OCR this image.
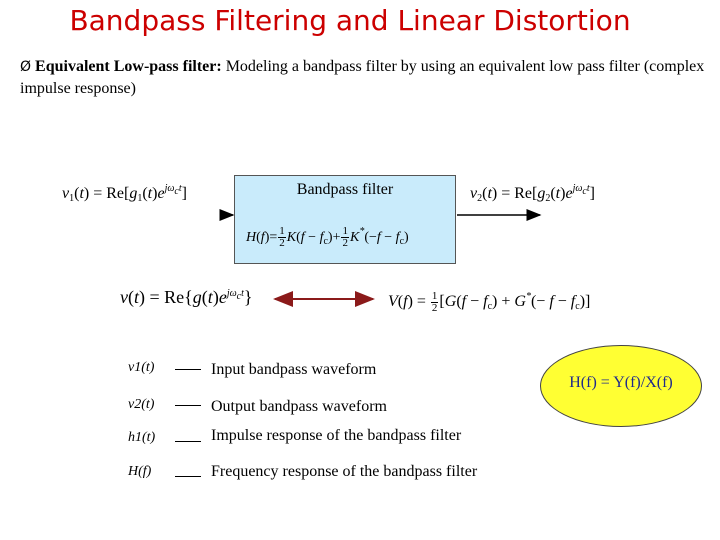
Bandpass Filtering and Linear Distortion
Ø Equivalent Low-pass filter: Modeling a bandpass filter by using an equivalent low pass filter (complex impulse response)
Bandpass filter
$H(f)= \frac{1}{2} K(f - f_c)+ \frac{1}{2} K^*(-f - f_c)$
$v_1(t) = Re[g_1(t)e^{j\omega ct}]$	$v_2(t) = Re[g_2(t)e^{j\omega ct}]$
$v(t) = Re\{g(t)e^{j\omega ct}\}$	$V(f) = \frac{1}{2} [G(f - f_c) + G^*(- f - f_c)]$
v1(t)	Input bandpass waveform
v2(t)	Output bandpass waveform
h1(t)	Impulse response of the bandpass filter
H(f)	Frequency response of the bandpass filter
H(f) = Y(f)/X(f)
